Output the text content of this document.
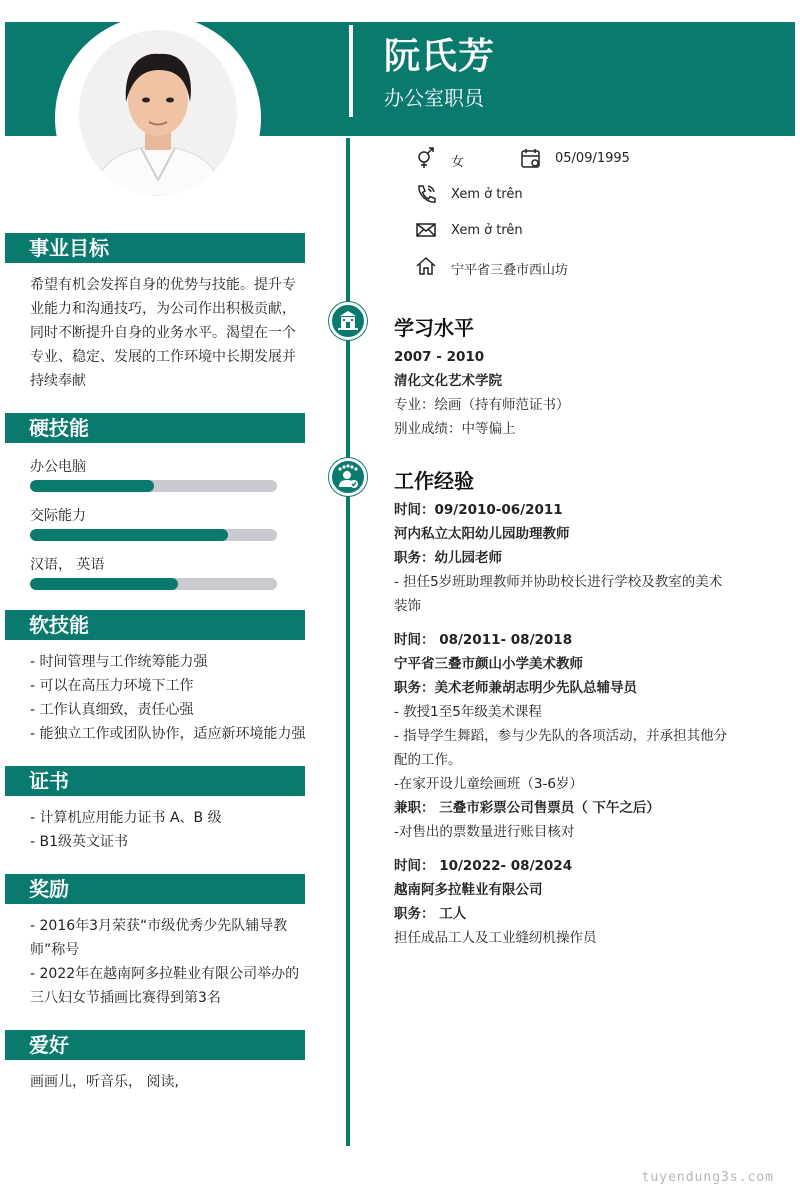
阮氏芳
办公室职员
女	05/09/1995
Xem ở trên
Xem ở trên
宁平省三叠市西山坊
事业目标
希望有机会发挥自身的优势与技能。提升专业能力和沟通技巧，为公司作出积极贡献，同时不断提升自身的业务水平。渴望在一个专业、稳定、发展的工作环境中长期发展并持续奉献
硬技能
办公电脑
交际能力
汉语， 英语
软技能
- 时间管理与工作统筹能力强
- 可以在高压力环境下工作
- 工作认真细致，责任心强
- 能独立工作或团队协作，适应新环境能力强
证书
- 计算机应用能力证书 A、B 级
- B1级英文证书
奖励
- 2016年3月荣获“市级优秀少先队辅导教师”称号
- 2022年在越南阿多拉鞋业有限公司举办的三八妇女节插画比赛得到第3名
爱好
画画儿，听音乐， 阅读,
学习水平
2007 - 2010
清化文化艺术学院
专业：绘画（持有师范证书）
别业成绩：中等偏上
工作经验
时间：09/2010-06/2011
河内私立太阳幼儿园助理教师
职务：幼儿园老师
- 担任5岁班助理教师并协助校长进行学校及教室的美术装饰
时间： 08/2011- 08/2018
宁平省三叠市颜山小学美术教师
职务：美术老师兼胡志明少先队总辅导员
- 教授1至5年级美术课程
- 指导学生舞蹈，参与少先队的各项活动，并承担其他分配的工作。
-在家开设儿童绘画班（3-6岁）
兼职： 三叠市彩票公司售票员（ 下午之后）
-对售出的票数量进行账目核对
时间： 10/2022- 08/2024
越南阿多拉鞋业有限公司
职务： 工人
担任成品工人及工业缝纫机操作员
tuyendung3s.com
